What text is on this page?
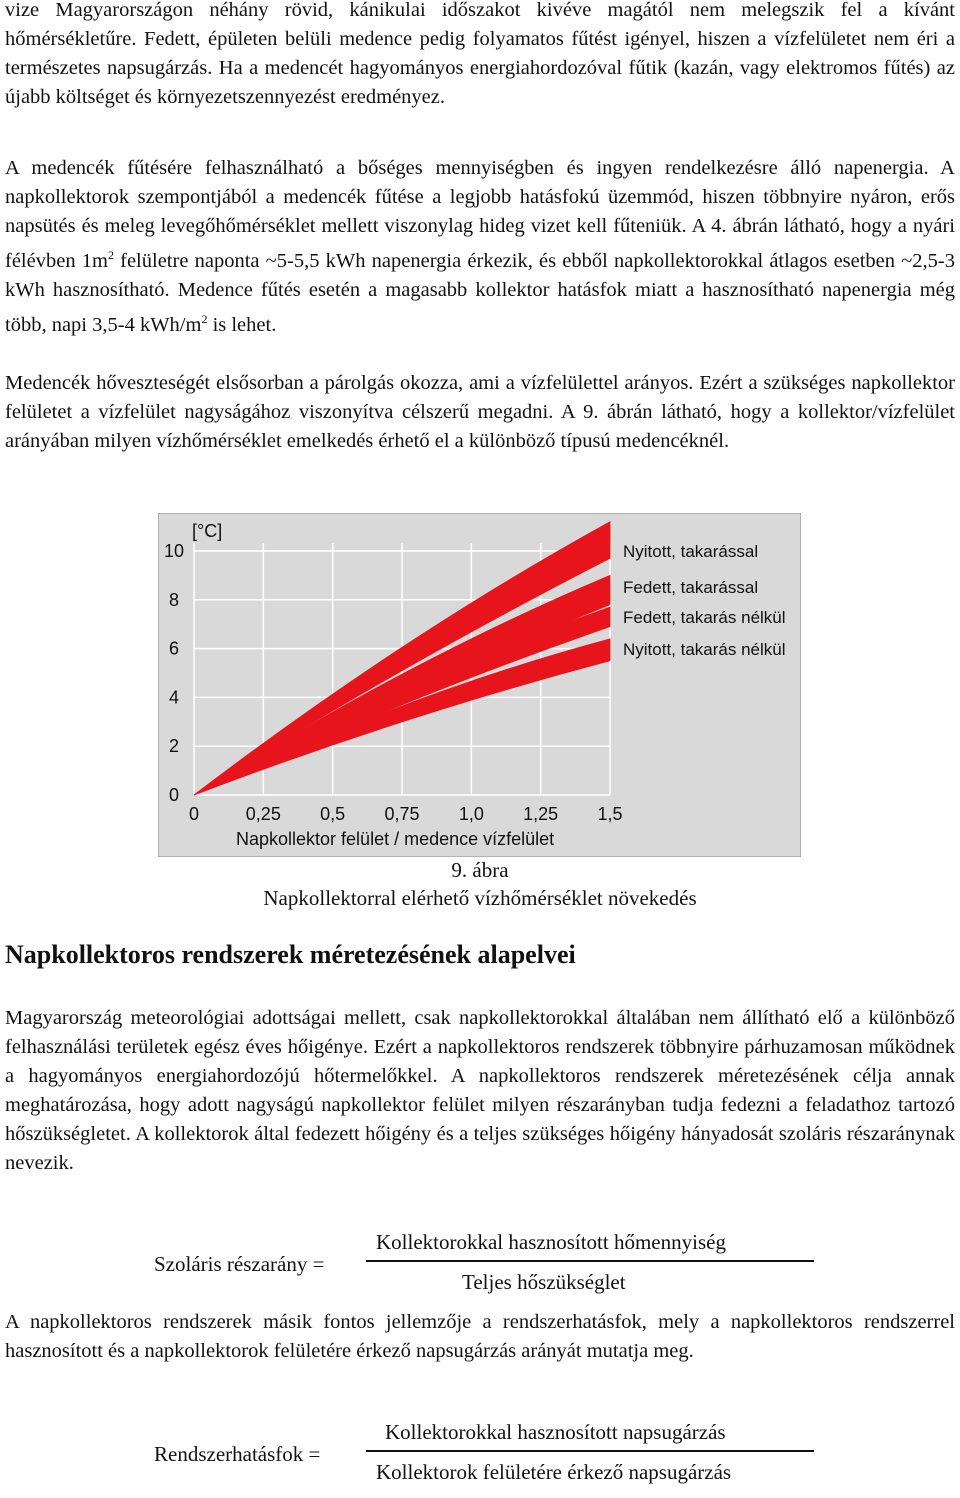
vize Magyarországon néhány rövid, kánikulai időszakot kivéve magától nem melegszik fel a kívánt hőmérsékletűre. Fedett, épületen belüli medence pedig folyamatos fűtést igényel, hiszen a vízfelületet nem éri a természetes napsugárzás. Ha a medencét hagyományos energiahordozóval fűtik (kazán, vagy elektromos fűtés) az újabb költséget és környezetszennyezést eredményez.

A medencék fűtésére felhasználható a bőséges mennyiségben és ingyen rendelkezésre álló napenergia. A napkollektorok szempontjából a medencék fűtése a legjobb hatásfokú üzemmód, hiszen többnyire nyáron, erős napsütés és meleg levegőhőmérséklet mellett viszonylag hideg vizet kell fűteniük. A 4. ábrán látható, hogy a nyári félévben $1m^2$ felületre naponta ~5-5,5 kWh napenergia érkezik, és ebből napkollektorokkal átlagos esetben ~2,5-3 kWh hasznosítható. Medence fűtés esetén a magasabb kollektor hatásfok miatt a hasznosítható napenergia még több, napi 3,5-4 kWh/$m^2$ is lehet.

Medencék hőveszteségét elsősorban a párolgás okozza, ami a vízfelülettel arányos. Ezért a szükséges napkollektor felületet a vízfelület nagyságához viszonyítva célszerű megadni. A 9. ábrán látható, hogy a kollektor/vízfelület arányában milyen vízhőmérséklet emelkedés érhető el a különböző típusú medencéknél.

0
2
4
6
8
10
0	0,25 0,5 0,75 1,0 1,25 1,5
[°C]
Napkollektor felület / medence vízfelület
Nyitott, takarással
Fedett, takarással
Fedett, takarás nélkül
Nyitott, takarás nélkül
9. ábra
Napkollektorral elérhető vízhőmérséklet növekedés
Napkollektoros rendszerek méretezésének alapelvei

Magyarország meteorológiai adottságai mellett, csak napkollektorokkal általában nem állítható elő a különböző felhasználási területek egész éves hőigénye. Ezért a napkollektoros rendszerek többnyire párhuzamosan működnek a hagyományos energiahordozójú hőtermelőkkel. A napkollektoros rendszerek méretezésének célja annak meghatározása, hogy adott nagyságú napkollektor felület milyen részarányban tudja fedezni a feladathoz tartozó hőszükségletet. A kollektorok által fedezett hőigény és a teljes szükséges hőigény hányadosát szoláris részaránynak nevezik.

Szoláris részarány =
Kollektorokkal hasznosított hőmennyiség
Teljes hőszükséglet

A napkollektoros rendszerek másik fontos jellemzője a rendszerhatásfok, mely a napkollektoros rendszerrel hasznosított és a napkollektorok felületére érkező napsugárzás arányát mutatja meg.

Rendszerhatásfok =
Kollektorokkal hasznosított napsugárzás
Kollektorok felületére érkező napsugárzás
